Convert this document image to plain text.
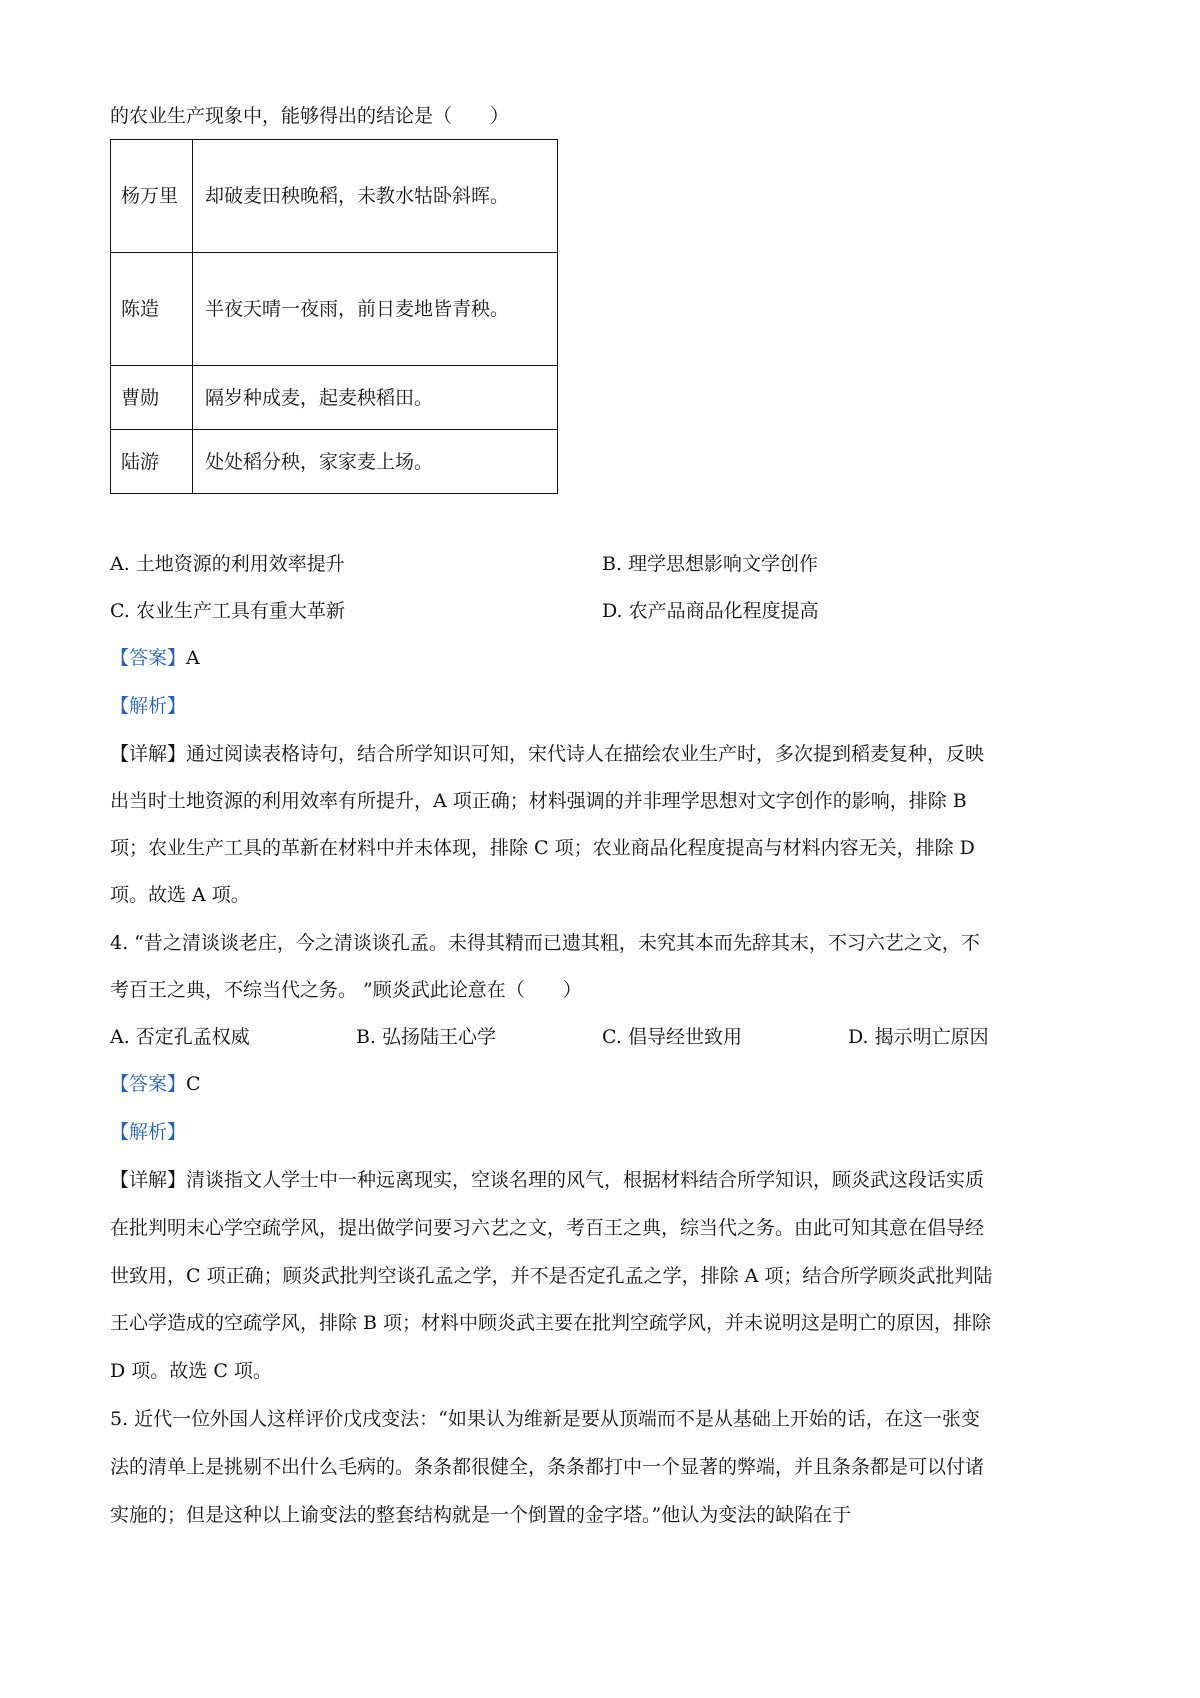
的农业生产现象中，能够得出的结论是（　　）
杨万里	却破麦田秧晚稻，未教水牯卧斜晖。
陈造	半夜天晴一夜雨，前日麦地皆青秧。
曹勋	隔岁种成麦，起麦秧稻田。
陆游	处处稻分秧，家家麦上场。
A. 土地资源的利用效率提升	B. 理学思想影响文学创作
C. 农业生产工具有重大革新	D. 农产品商品化程度提高
【答案】A
【解析】
【详解】通过阅读表格诗句，结合所学知识可知，宋代诗人在描绘农业生产时，多次提到稻麦复种，反映
出当时土地资源的利用效率有所提升，A 项正确；材料强调的并非理学思想对文字创作的影响，排除 B
项；农业生产工具的革新在材料中并未体现，排除 C 项；农业商品化程度提高与材料内容无关，排除 D
项。故选 A 项。
4. “昔之清谈谈老庄，今之清谈谈孔孟。未得其精而已遗其粗，未究其本而先辞其末，不习六艺之文，不
考百王之典，不综当代之务。 ”顾炎武此论意在（　　）
A. 否定孔孟权威	B. 弘扬陆王心学	C. 倡导经世致用	D. 揭示明亡原因
【答案】C
【解析】
【详解】清谈指文人学士中一种远离现实，空谈名理的风气，根据材料结合所学知识，顾炎武这段话实质
在批判明末心学空疏学风，提出做学问要习六艺之文，考百王之典，综当代之务。由此可知其意在倡导经
世致用，C 项正确；顾炎武批判空谈孔孟之学，并不是否定孔孟之学，排除 A 项；结合所学顾炎武批判陆
王心学造成的空疏学风，排除 B 项；材料中顾炎武主要在批判空疏学风，并未说明这是明亡的原因，排除
D 项。故选 C 项。
5. 近代一位外国人这样评价戊戌变法：“如果认为维新是要从顶端而不是从基础上开始的话，在这一张变
法的清单上是挑剔不出什么毛病的。条条都很健全，条条都打中一个显著的弊端，并且条条都是可以付诸
实施的；但是这种以上谕变法的整套结构就是一个倒置的金字塔。”他认为变法的缺陷在于
